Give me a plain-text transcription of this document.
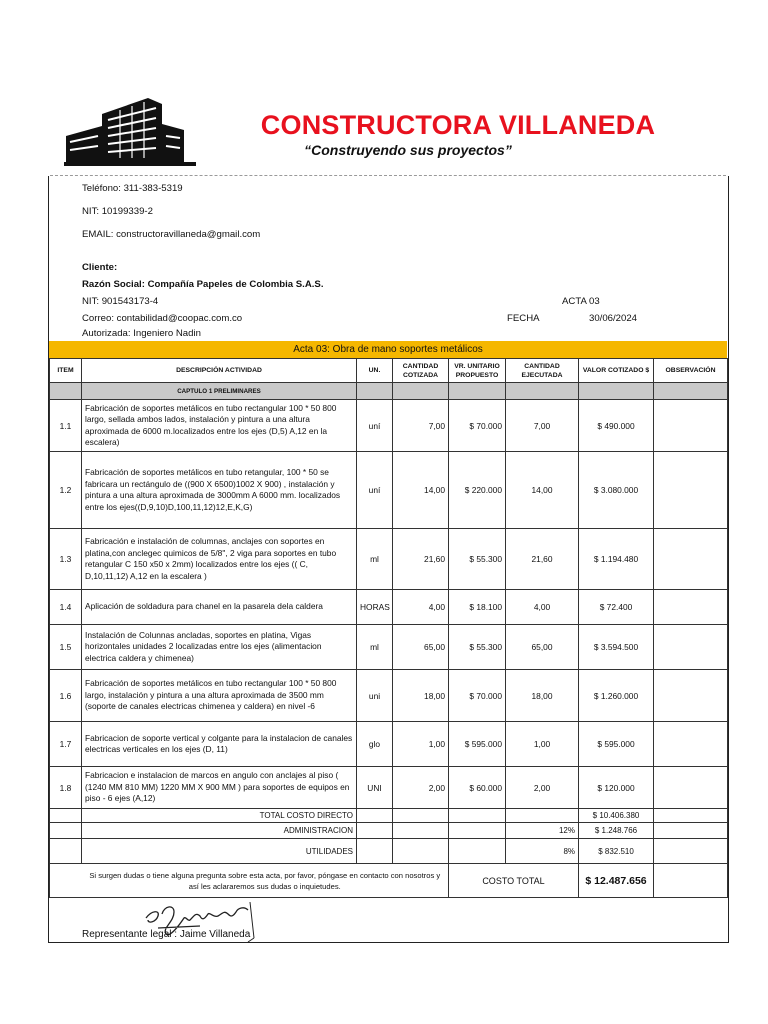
CONSTRUCTORA VILLANEDA
“Construyendo sus proyectos”
Teléfono: 311-383-5319
NIT: 10199339-2
EMAIL: constructoravillaneda@gmail.com
Cliente:
Razón Social: Compañía Papeles de Colombia S.A.S.
NIT: 901543173-4
Correo: contabilidad@coopac.com.co
Autorizada: Ingeniero Nadin
ACTA 03
FECHA	30/06/2024
Acta 03: Obra de mano soportes metálicos
ITEM	DESCRIPCIÓN ACTIVIDAD	UN.	CANTIDAD COTIZADA	VR. UNITARIO PROPUESTO	CANTIDAD EJECUTADA	VALOR COTIZADO $	OBSERVACIÓN
	CAPTULO 1 PRELIMINARES						
1.1	Fabricación de soportes metálicos en tubo rectangular 100 * 50 800 largo, sellada ambos lados, instalación y pintura a una altura aproximada de 6000 m.localizados entre los ejes (D,5) A,12 en la escalera)	uní	7,00	$ 70.000	7,00	$ 490.000	
1.2	Fabricación de soportes metálicos en tubo retangular, 100 * 50 se fabricara un rectángulo de ((900 X 6500)1002 X 900) , instalación y pintura a una altura aproximada de 3000mm A 6000 mm. localizados entre los ejes((D,9,10)D,100,11,12)12,E,K,G)	uní	14,00	$ 220.000	14,00	$ 3.080.000	
1.3	Fabricación e instalación de columnas, anclajes con soportes en platina,con anclegec quimicos de 5/8", 2 viga para soportes en tubo retangular C 150 x50 x 2mm) localizados entre los ejes (( C, D,10,11,12) A,12 en la escalera )	ml	21,60	$ 55.300	21,60	$ 1.194.480	
1.4	Aplicación de soldadura para chanel en la pasarela dela caldera	HORAS	4,00	$ 18.100	4,00	$ 72.400	
1.5	Instalación de Colunnas ancladas, soportes en platina, Vigas horizontales unidades 2 localizadas entre los ejes (alimentacion electrica caldera y chimenea)	ml	65,00	$ 55.300	65,00	$ 3.594.500	
1.6	Fabricación de soportes metálicos en tubo rectangular 100 * 50 800 largo, instalación y pintura a una altura aproximada de 3500 mm (soporte de canales electricas chimenea y caldera) en nivel -6	uni	18,00	$ 70.000	18,00	$ 1.260.000	
1.7	Fabricacion de soporte vertical y colgante para la instalacion de canales electricas verticales en los ejes (D, 11)	glo	1,00	$ 595.000	1,00	$ 595.000	
1.8	Fabricacion e instalacion de marcos en angulo con anclajes al piso ( (1240 MM 810 MM) 1220 MM X 900 MM ) para soportes de equipos en piso - 6 ejes (A,12)	UNI	2,00	$ 60.000	2,00	$ 120.000	
	TOTAL COSTO DIRECTO					$ 10.406.380	
	ADMINISTRACION				12%	$ 1.248.766	
	UTILIDADES				8%	$ 832.510	
	Si surgen dudas o tiene alguna pregunta sobre esta acta, por favor, póngase en contacto con nosotros y así les aclararemos sus dudas o inquietudes.			COSTO TOTAL		$ 12.487.656	
Representante legal : Jaime Villaneda
